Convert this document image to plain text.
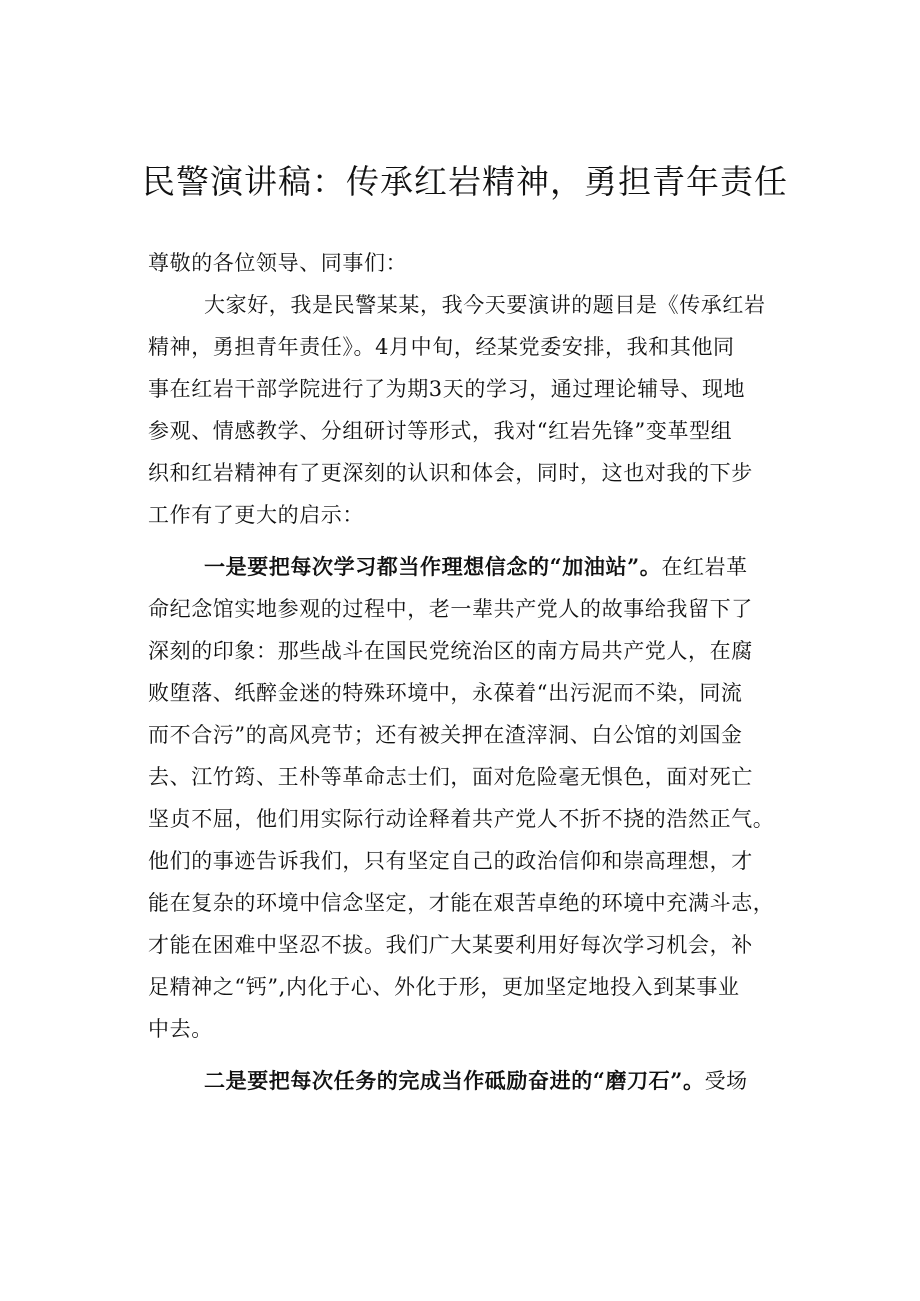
民警演讲稿：传承红岩精神，勇担青年责任
尊敬的各位领导、同事们：
大家好，我是民警某某，我今天要演讲的题目是《传承红岩
精神，勇担青年责任》。4月中旬，经某党委安排，我和其他同
事在红岩干部学院进行了为期3天的学习，通过理论辅导、现地
参观、情感教学、分组研讨等形式，我对“红岩先锋”变革型组
织和红岩精神有了更深刻的认识和体会，同时，这也对我的下步
工作有了更大的启示：
一是要把每次学习都当作理想信念的“加油站”。在红岩革
命纪念馆实地参观的过程中，老一辈共产党人的故事给我留下了
深刻的印象：那些战斗在国民党统治区的南方局共产党人，在腐
败堕落、纸醉金迷的特殊环境中，永葆着“出污泥而不染，同流
而不合污”的高风亮节；还有被关押在渣滓洞、白公馆的刘国金
去、江竹筠、王朴等革命志士们，面对危险毫无惧色，面对死亡
坚贞不屈，他们用实际行动诠释着共产党人不折不挠的浩然正气。
他们的事迹告诉我们，只有坚定自己的政治信仰和崇高理想，才
能在复杂的环境中信念坚定，才能在艰苦卓绝的环境中充满斗志，
才能在困难中坚忍不拔。我们广大某要利用好每次学习机会，补
足精神之“钙”,内化于心、外化于形，更加坚定地投入到某事业
中去。
二是要把每次任务的完成当作砥励奋进的“磨刀石”。受场
